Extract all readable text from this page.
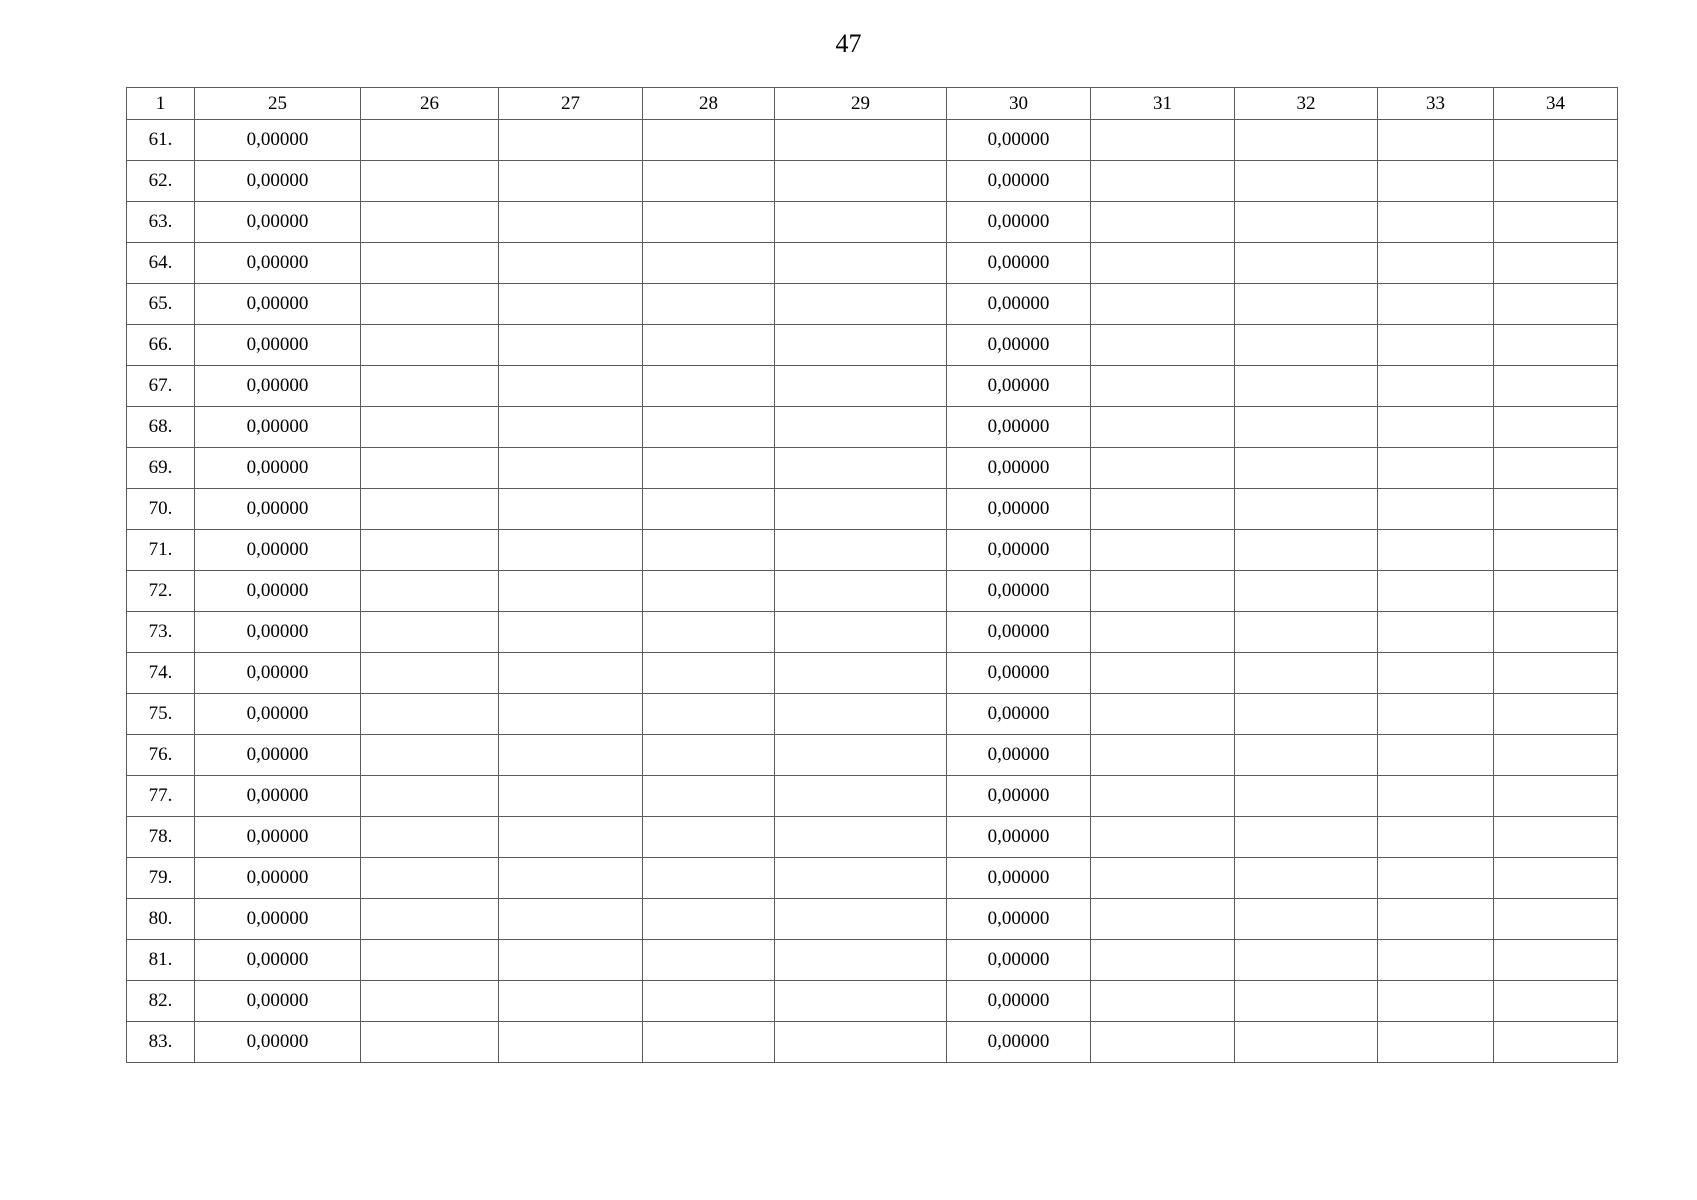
47
1	25	26	27	28	29	30	31	32	33	34
61.	0,00000					0,00000				
62.	0,00000					0,00000				
63.	0,00000					0,00000				
64.	0,00000					0,00000				
65.	0,00000					0,00000				
66.	0,00000					0,00000				
67.	0,00000					0,00000				
68.	0,00000					0,00000				
69.	0,00000					0,00000				
70.	0,00000					0,00000				
71.	0,00000					0,00000				
72.	0,00000					0,00000				
73.	0,00000					0,00000				
74.	0,00000					0,00000				
75.	0,00000					0,00000				
76.	0,00000					0,00000				
77.	0,00000					0,00000				
78.	0,00000					0,00000				
79.	0,00000					0,00000				
80.	0,00000					0,00000				
81.	0,00000					0,00000				
82.	0,00000					0,00000				
83.	0,00000					0,00000				
